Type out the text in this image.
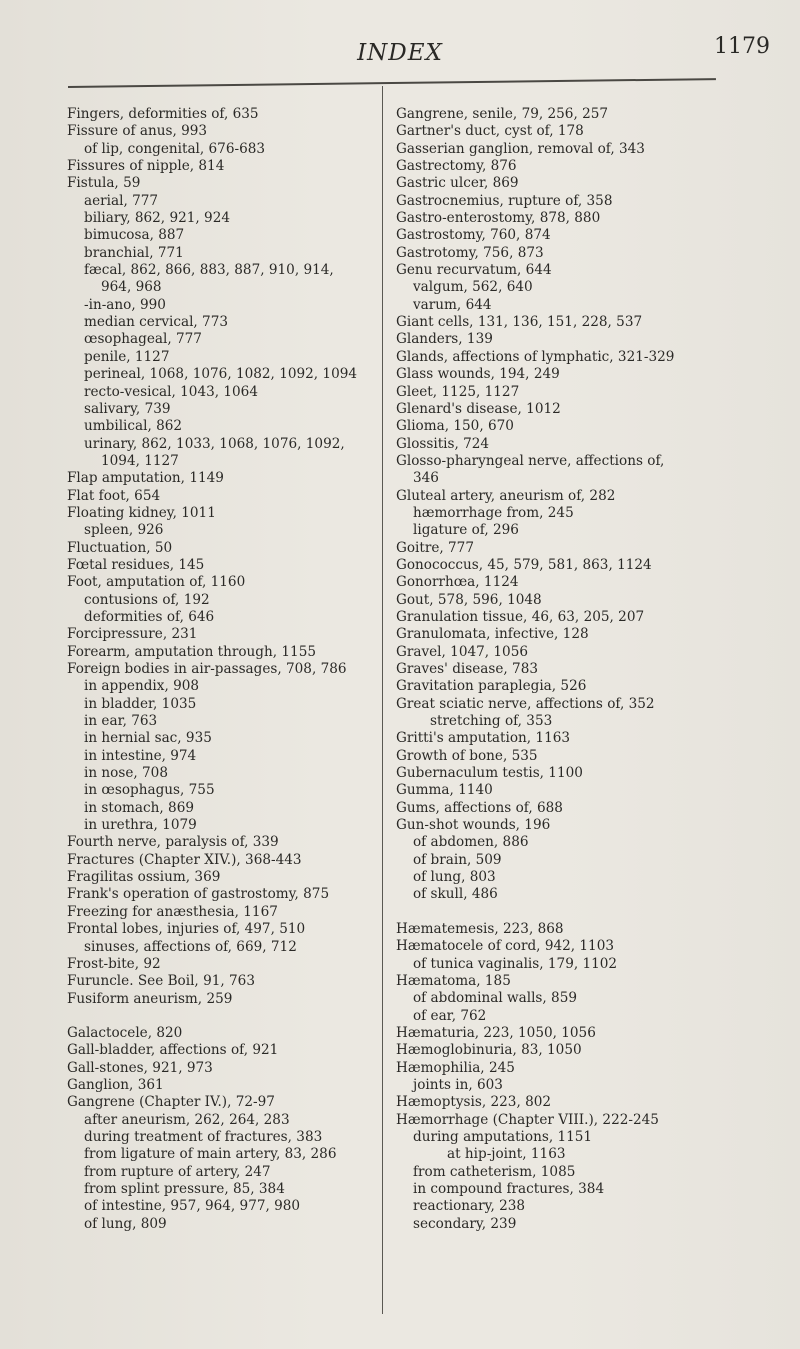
INDEX	1179
Fingers, deformities of, 635
Fissure of anus, 993
of lip, congenital, 676-683
Fissures of nipple, 814
Fistula, 59
aerial, 777
biliary, 862, 921, 924
bimucosa, 887
branchial, 771
fæcal, 862, 866, 883, 887, 910, 914,
964, 968
-in-ano, 990
median cervical, 773
œsophageal, 777
penile, 1127
perineal, 1068, 1076, 1082, 1092, 1094
recto-vesical, 1043, 1064
salivary, 739
umbilical, 862
urinary, 862, 1033, 1068, 1076, 1092,
1094, 1127
Flap amputation, 1149
Flat foot, 654
Floating kidney, 1011
spleen, 926
Fluctuation, 50
Fœtal residues, 145
Foot, amputation of, 1160
contusions of, 192
deformities of, 646
Forcipressure, 231
Forearm, amputation through, 1155
Foreign bodies in air-passages, 708, 786
in appendix, 908
in bladder, 1035
in ear, 763
in hernial sac, 935
in intestine, 974
in nose, 708
in œsophagus, 755
in stomach, 869
in urethra, 1079
Fourth nerve, paralysis of, 339
Fractures (Chapter XIV.), 368-443
Fragilitas ossium, 369
Frank's operation of gastrostomy, 875
Freezing for anæsthesia, 1167
Frontal lobes, injuries of, 497, 510
sinuses, affections of, 669, 712
Frost-bite, 92
Furuncle. See Boil, 91, 763
Fusiform aneurism, 259
Galactocele, 820
Gall-bladder, affections of, 921
Gall-stones, 921, 973
Ganglion, 361
Gangrene (Chapter IV.), 72-97
after aneurism, 262, 264, 283
during treatment of fractures, 383
from ligature of main artery, 83, 286
from rupture of artery, 247
from splint pressure, 85, 384
of intestine, 957, 964, 977, 980
of lung, 809
Gangrene, senile, 79, 256, 257
Gartner's duct, cyst of, 178
Gasserian ganglion, removal of, 343
Gastrectomy, 876
Gastric ulcer, 869
Gastrocnemius, rupture of, 358
Gastro-enterostomy, 878, 880
Gastrostomy, 760, 874
Gastrotomy, 756, 873
Genu recurvatum, 644
valgum, 562, 640
varum, 644
Giant cells, 131, 136, 151, 228, 537
Glanders, 139
Glands, affections of lymphatic, 321-329
Glass wounds, 194, 249
Gleet, 1125, 1127
Glenard's disease, 1012
Glioma, 150, 670
Glossitis, 724
Glosso-pharyngeal nerve, affections of,
346
Gluteal artery, aneurism of, 282
hæmorrhage from, 245
ligature of, 296
Goitre, 777
Gonococcus, 45, 579, 581, 863, 1124
Gonorrhœa, 1124
Gout, 578, 596, 1048
Granulation tissue, 46, 63, 205, 207
Granulomata, infective, 128
Gravel, 1047, 1056
Graves' disease, 783
Gravitation paraplegia, 526
Great sciatic nerve, affections of, 352
stretching of, 353
Gritti's amputation, 1163
Growth of bone, 535
Gubernaculum testis, 1100
Gumma, 1140
Gums, affections of, 688
Gun-shot wounds, 196
of abdomen, 886
of brain, 509
of lung, 803
of skull, 486
Hæmatemesis, 223, 868
Hæmatocele of cord, 942, 1103
of tunica vaginalis, 179, 1102
Hæmatoma, 185
of abdominal walls, 859
of ear, 762
Hæmaturia, 223, 1050, 1056
Hæmoglobinuria, 83, 1050
Hæmophilia, 245
joints in, 603
Hæmoptysis, 223, 802
Hæmorrhage (Chapter VIII.), 222-245
during amputations, 1151
at hip-joint, 1163
from catheterism, 1085
in compound fractures, 384
reactionary, 238
secondary, 239
